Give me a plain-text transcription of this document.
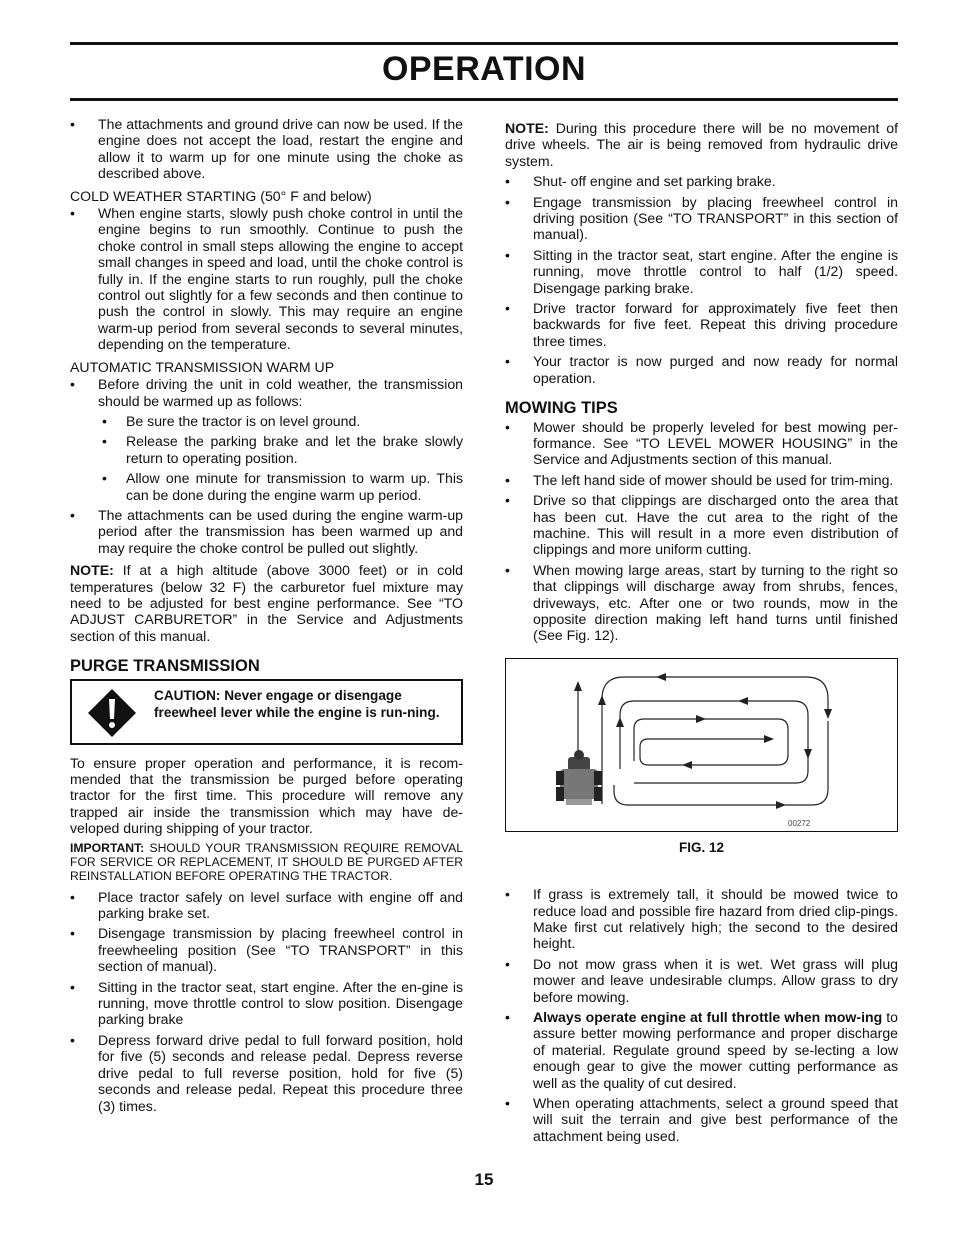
OPERATION
• The attachments and ground drive can now be used. If the engine does not accept the load, restart the engine and allow it to warm up for one minute using the choke as described above.

COLD WEATHER STARTING (50° F and below)

• When engine starts, slowly push choke control in until the engine begins to run smoothly. Continue to push the choke control in small steps allowing the engine to accept small changes in speed and load, until the choke control is fully in. If the engine starts to run roughly, pull the choke control out slightly for a few seconds and then continue to push the control in slowly. This may require an engine warm-up period from several seconds to several minutes, depending on the temperature.

AUTOMATIC TRANSMISSION WARM UP

• Before driving the unit in cold weather, the transmission should be warmed up as follows:
• Be sure the tractor is on level ground.
• Release the parking brake and let the brake slowly return to operating position.
• Allow one minute for transmission to warm up. This can be done during the engine warm up period.
• The attachments can be used during the engine warm-up period after the transmission has been warmed up and may require the choke control be pulled out slightly.

NOTE: If at a high altitude (above 3000 feet) or in cold temperatures (below 32 F) the carburetor fuel mixture may need to be adjusted for best engine performance. See “TO ADJUST CARBURETOR” in the Service and Adjustments section of this manual.

PURGE TRANSMISSION
CAUTION: Never engage or disengage freewheel lever while the engine is run-ning.

To ensure proper operation and performance, it is recom-mended that the transmission be purged before operating tractor for the first time. This procedure will remove any trapped air inside the transmission which may have de-veloped during shipping of your tractor.

IMPORTANT: SHOULD YOUR TRANSMISSION REQUIRE REMOVAL FOR SERVICE OR REPLACEMENT, IT SHOULD BE PURGED AFTER REINSTALLATION BEFORE OPERATING THE TRACTOR.

• Place tractor safely on level surface with engine off and parking brake set.
• Disengage transmission by placing freewheel control in freewheeling position (See “TO TRANSPORT” in this section of manual).
• Sitting in the tractor seat, start engine. After the en-gine is running, move throttle control to slow position. Disengage parking brake
• Depress forward drive pedal to full forward position, hold for five (5) seconds and release pedal. Depress reverse drive pedal to full reverse position, hold for five (5) seconds and release pedal. Repeat this procedure three (3) times.

NOTE: During this procedure there will be no movement of drive wheels. The air is being removed from hydraulic drive system.

• Shut- off engine and set parking brake.
• Engage transmission by placing freewheel control in driving position (See “TO TRANSPORT” in this section of manual).
• Sitting in the tractor seat, start engine. After the engine is running, move throttle control to half (1/2) speed. Disengage parking brake.
• Drive tractor forward for approximately five feet then backwards for five feet. Repeat this driving procedure three times.
• Your tractor is now purged and now ready for normal operation.
MOWING TIPS
• Mower should be properly leveled for best mowing per-formance. See “TO LEVEL MOWER HOUSING” in the Service and Adjustments section of this manual.
• The left hand side of mower should be used for trim-ming.
• Drive so that clippings are discharged onto the area that has been cut. Have the cut area to the right of the machine. This will result in a more even distribution of clippings and more uniform cutting.
• When mowing large areas, start by turning to the right so that clippings will discharge away from shrubs, fences, driveways, etc. After one or two rounds, mow in the opposite direction making left hand turns until finished (See Fig. 12).
00272
FIG. 12
• If grass is extremely tall, it should be mowed twice to reduce load and possible fire hazard from dried clip-pings. Make first cut relatively high; the second to the desired height.
• Do not mow grass when it is wet. Wet grass will plug mower and leave undesirable clumps. Allow grass to dry before mowing.
• Always operate engine at full throttle when mow-ing to assure better mowing performance and proper discharge of material. Regulate ground speed by se-lecting a low enough gear to give the mower cutting performance as well as the quality of cut desired.
• When operating attachments, select a ground speed that will suit the terrain and give best performance of the attachment being used.
15
